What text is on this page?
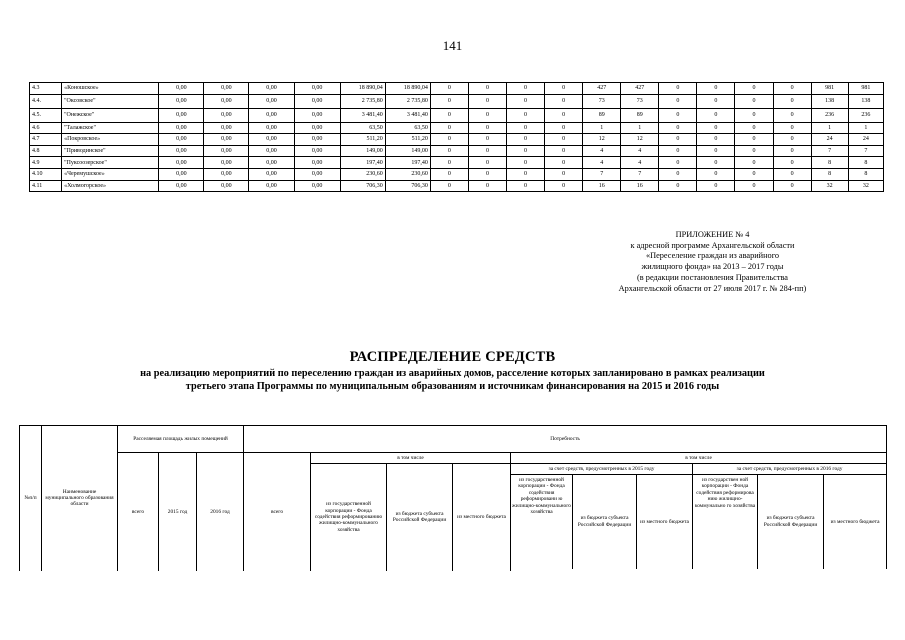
141
4.3	«Коношское»	0,00	0,00	0,00	0,00	18 890,04	18 890,04	0	0	0	0	427	427	0	0	0	0	981	981
4.4.	"Оксовское"	0,00	0,00	0,00	0,00	2 735,80	2 735,80	0	0	0	0	73	73	0	0	0	0	138	138
4.5.	"Онежское"	0,00	0,00	0,00	0,00	3 481,40	3 481,40	0	0	0	0	89	89	0	0	0	0	236	236
4.6	"Талажское"	0,00	0,00	0,00	0,00	63,50	63,50	0	0	0	0	1	1	0	0	0	0	1	1
4.7	«Покровское»	0,00	0,00	0,00	0,00	511,20	511,20	0	0	0	0	12	12	0	0	0	0	24	24
4.8	"Приводинское"	0,00	0,00	0,00	0,00	149,00	149,00	0	0	0	0	4	4	0	0	0	0	7	7
4.9	"Пуксоозерское"	0,00	0,00	0,00	0,00	197,40	197,40	0	0	0	0	4	4	0	0	0	0	8	8
4.10	«Черемушское»	0,00	0,00	0,00	0,00	230,60	230,60	0	0	0	0	7	7	0	0	0	0	8	8
4.11	«Холмогорское»	0,00	0,00	0,00	0,00	706,30	706,30	0	0	0	0	16	16	0	0	0	0	32	32
ПРИЛОЖЕНИЕ № 4
к адресной программе Архангельской области
«Переселение граждан из аварийного
жилищного фонда» на 2013 – 2017 годы
(в редакции постановления Правительства
Архангельской области от 27 июля 2017 г. № 284-пп)
РАСПРЕДЕЛЕНИЕ СРЕДСТВ
на реализацию мероприятий по переселению граждан из аварийных домов, расселение которых запланировано в рамках реализации
третьего этапа Программы по муниципальным образованиям и источникам финансирования на 2015 и 2016 годы
№п/п	Наименование муниципального образования области	Расселяемая площадь жилых помещений			Потребность									
		всего	2015 год	2016 год	всего	в том числе			в том числе					
						из государственной корпорации - Фонда содействия реформированию жилищно-коммунального хозяйства	из бюджета субъекта Российской Федерации	из местного бюджета	за счет средств, предусмотренных в 2015 году			за счет средств, предусмотренных в 2016 году		
									из государственной корпорации - Фонда содействия реформировани ю жилищно-коммунального хозяйства	из бюджета субъекта Российской Федерации	из местного бюджета	из государствен ной корпорации - Фонда содействия реформирова нию жилищно-коммунально го хозяйства	из бюджета субъекта Российской Федерации	из местного бюджета
